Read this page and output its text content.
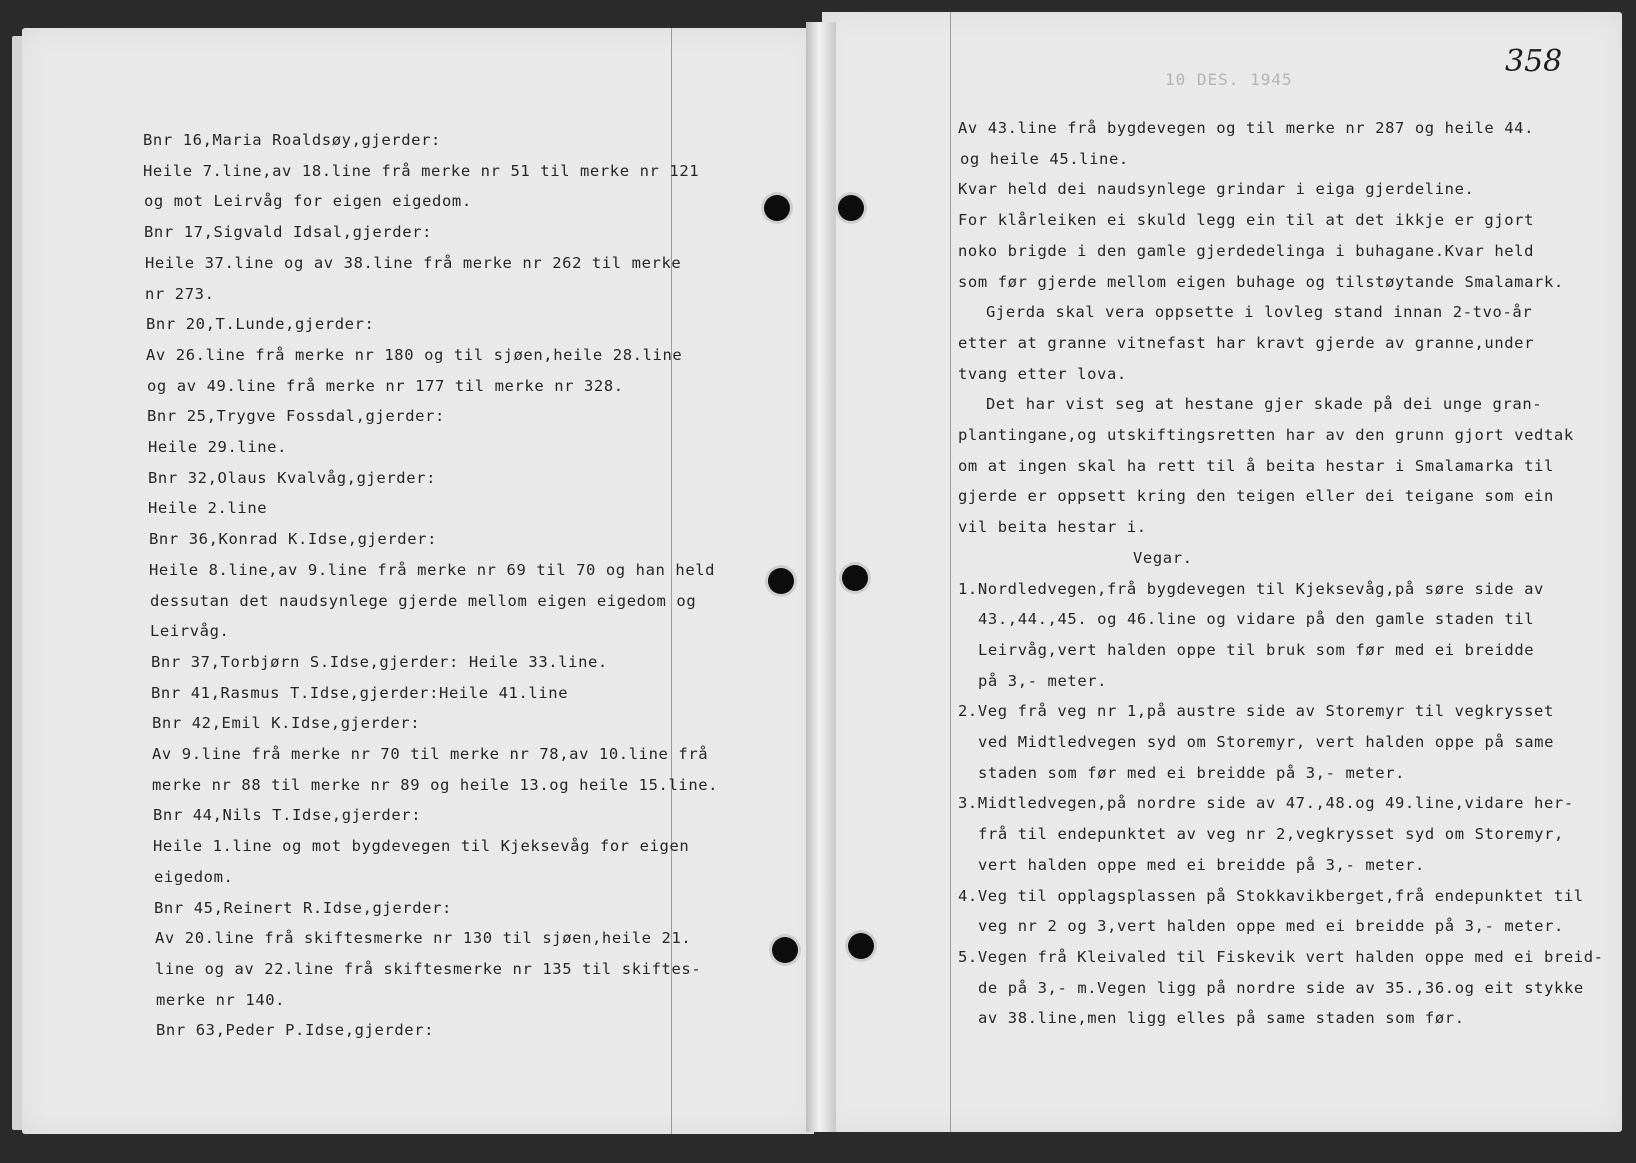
10 DES. 1945
358
Bnr 16,Maria Roaldsøy,gjerder:
Heile 7.line,av 18.line frå merke nr 51 til merke nr 121
og mot Leirvåg for eigen eigedom.
Bnr 17,Sigvald Idsal,gjerder:
Heile 37.line og av 38.line frå merke nr 262 til merke
nr 273.
Bnr 20,T.Lunde,gjerder:
Av 26.line frå merke nr 180 og til sjøen,heile 28.line
og av 49.line frå merke nr 177 til merke nr 328.
Bnr 25,Trygve Fossdal,gjerder:
Heile 29.line.
Bnr 32,Olaus Kvalvåg,gjerder:
Heile 2.line
Bnr 36,Konrad K.Idse,gjerder:
Heile 8.line,av 9.line frå merke nr 69 til 70 og han held
dessutan det naudsynlege gjerde mellom eigen eigedom og
Leirvåg.
Bnr 37,Torbjørn S.Idse,gjerder: Heile 33.line.
Bnr 41,Rasmus T.Idse,gjerder:Heile 41.line
Bnr 42,Emil K.Idse,gjerder:
Av 9.line frå merke nr 70 til merke nr 78,av 10.line frå
merke nr 88 til merke nr 89 og heile 13.og heile 15.line.
Bnr 44,Nils T.Idse,gjerder:
Heile 1.line og mot bygdevegen til Kjeksevåg for eigen
eigedom.
Bnr 45,Reinert R.Idse,gjerder:
Av 20.line frå skiftesmerke nr 130 til sjøen,heile 21.
line og av 22.line frå skiftesmerke nr 135 til skiftes-
merke nr 140.
Bnr 63,Peder P.Idse,gjerder:
Av 43.line frå bygdevegen og til merke nr 287 og heile 44.
og heile 45.line.
Kvar held dei naudsynlege grindar i eiga gjerdeline.
For klårleiken ei skuld legg ein til at det ikkje er gjort
noko brigde i den gamle gjerdedelinga i buhagane.Kvar held
som før gjerde mellom eigen buhage og tilstøytande Smalamark.
Gjerda skal vera oppsette i lovleg stand innan 2-tvo-år
etter at granne vitnefast har kravt gjerde av granne,under
tvang etter lova.
Det har vist seg at hestane gjer skade på dei unge gran-
plantingane,og utskiftingsretten har av den grunn gjort vedtak
om at ingen skal ha rett til å beita hestar i Smalamarka til
gjerde er oppsett kring den teigen eller dei teigane som ein
vil beita hestar i.
Vegar.
1.Nordledvegen,frå bygdevegen til Kjeksevåg,på søre side av
43.,44.,45. og 46.line og vidare på den gamle staden til
Leirvåg,vert halden oppe til bruk som før med ei breidde
på 3,- meter.
2.Veg frå veg nr 1,på austre side av Storemyr til vegkrysset
ved Midtledvegen syd om Storemyr, vert halden oppe på same
staden som før med ei breidde på 3,- meter.
3.Midtledvegen,på nordre side av 47.,48.og 49.line,vidare her-
frå til endepunktet av veg nr 2,vegkrysset syd om Storemyr,
vert halden oppe med ei breidde på 3,- meter.
4.Veg til opplagsplassen på Stokkavikberget,frå endepunktet til
veg nr 2 og 3,vert halden oppe med ei breidde på 3,- meter.
5.Vegen frå Kleivaled til Fiskevik vert halden oppe med ei breid-
de på 3,- m.Vegen ligg på nordre side av 35.,36.og eit stykke
av 38.line,men ligg elles på same staden som før.
